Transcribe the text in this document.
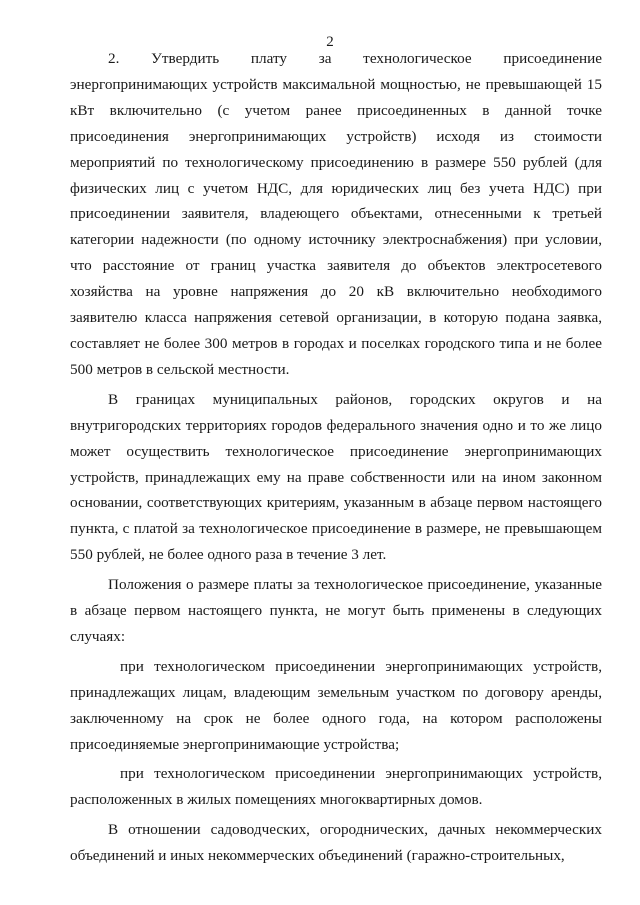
2

2. Утвердить плату за технологическое присоединение энергопринимающих устройств максимальной мощностью, не превышающей 15 кВт включительно (с учетом ранее присоединенных в данной точке присоединения энергопринимающих устройств) исходя из стоимости мероприятий по технологическому присоединению в размере 550 рублей (для физических лиц с учетом НДС, для юридических лиц без учета НДС) при присоединении заявителя, владеющего объектами, отнесенными к третьей категории надежности (по одному источнику электроснабжения) при условии, что расстояние от границ участка заявителя до объектов электросетевого хозяйства на уровне напряжения до 20 кВ включительно необходимого заявителю класса напряжения сетевой организации, в которую подана заявка, составляет не более 300 метров в городах и поселках городского типа и не более 500 метров в сельской местности.

В границах муниципальных районов, городских округов и на внутригородских территориях городов федерального значения одно и то же лицо может осуществить технологическое присоединение энергопринимающих устройств, принадлежащих ему на праве собственности или на ином законном основании, соответствующих критериям, указанным в абзаце первом настоящего пункта, с платой за технологическое присоединение в размере, не превышающем 550 рублей, не более одного раза в течение 3 лет.

Положения о размере платы за технологическое присоединение, указанные в абзаце первом настоящего пункта, не могут быть применены в следующих случаях:

при технологическом присоединении энергопринимающих устройств, принадлежащих лицам, владеющим земельным участком по договору аренды, заключенному на срок не более одного года, на котором расположены присоединяемые энергопринимающие устройства;

при технологическом присоединении энергопринимающих устройств, расположенных в жилых помещениях многоквартирных домов.

В отношении садоводческих, огороднических, дачных некоммерческих объединений и иных некоммерческих объединений (гаражно-строительных,
